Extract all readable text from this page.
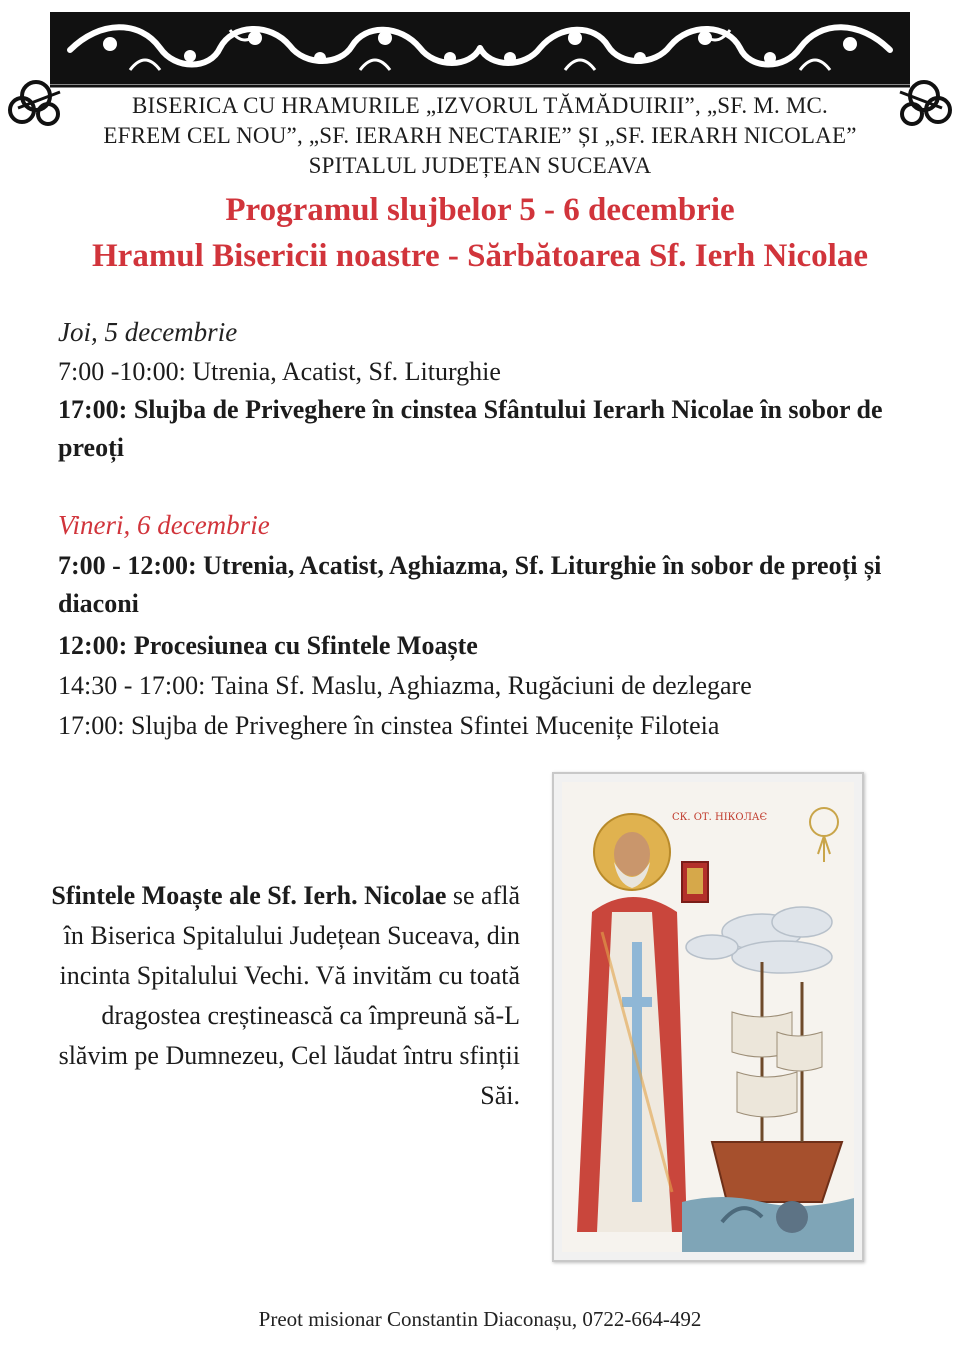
BISERICA CU HRAMURILE „IZVORUL TĂMĂDUIRII”, „SF. M. MC.
EFREM CEL NOU”, „SF. IERARH NECTARIE” ȘI „SF. IERARH NICOLAE”
SPITALUL JUDEȚEAN SUCEAVA
Programul slujbelor 5 - 6 decembrie
Hramul Bisericii noastre - Sărbătoarea Sf. Ierh Nicolae
Joi, 5 decembrie
7:00 -10:00: Utrenia, Acatist, Sf. Liturghie
17:00: Slujba de Priveghere în cinstea Sfântului Ierarh Nicolae în sobor de preoți
Vineri, 6 decembrie
7:00 - 12:00: Utrenia, Acatist, Aghiazma, Sf. Liturghie în sobor de preoți și diaconi
12:00: Procesiunea cu Sfintele Moaște
14:30 - 17:00: Taina Sf. Maslu, Aghiazma, Rugăciuni de dezlegare
17:00: Slujba de Priveghere în cinstea Sfintei Mucenițe Filoteia
Sfintele Moaște ale Sf. Ierh. Nicolae se află în Biserica Spitalului Județean Suceava, din incinta Spitalului Vechi. Vă invităm cu toată dragostea creștinească ca împreună să-L slăvim pe Dumnezeu, Cel lăudat întru sfinții Săi.
СК. ОТ. НІКОЛАЄ
Preot misionar Constantin Diaconașu, 0722-664-492
